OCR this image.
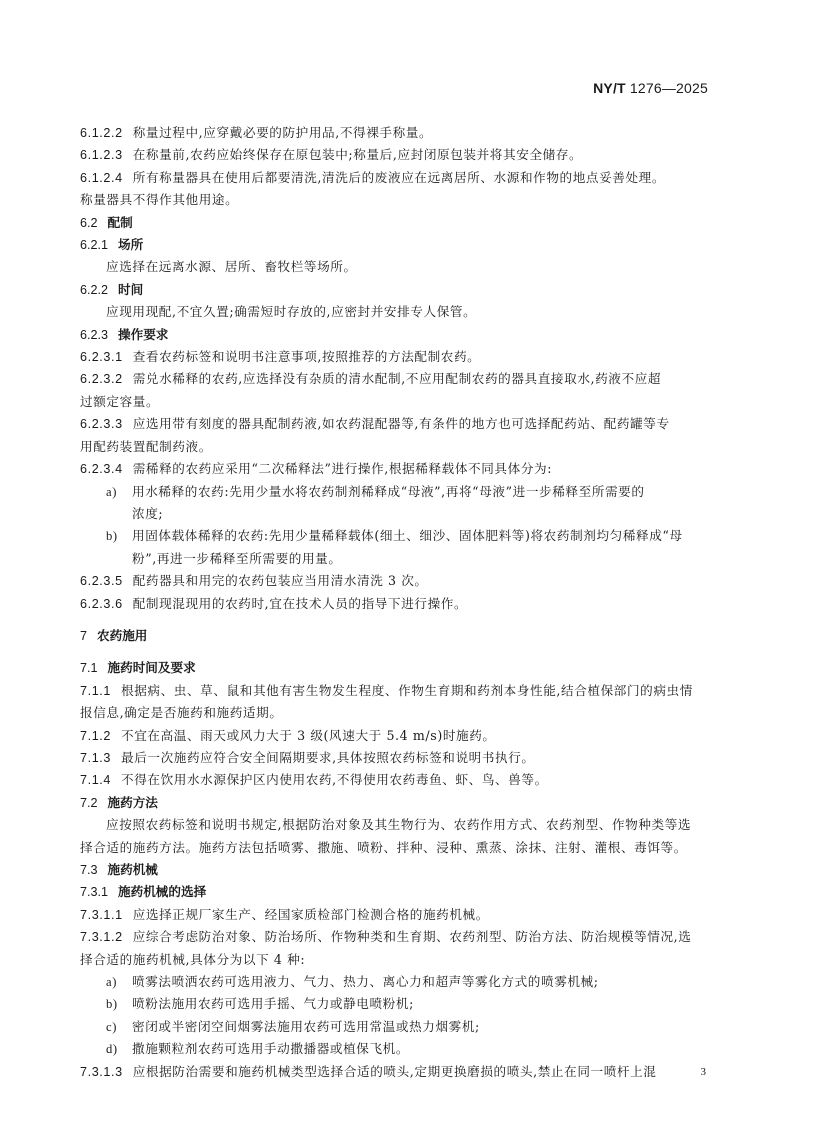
NY/T 1276—2025
6.1.2.2 称量过程中,应穿戴必要的防护用品,不得裸手称量。
6.1.2.3 在称量前,农药应始终保存在原包装中;称量后,应封闭原包装并将其安全储存。
6.1.2.4 所有称量器具在使用后都要清洗,清洗后的废液应在远离居所、水源和作物的地点妥善处理。
称量器具不得作其他用途。
6.2 配制
6.2.1 场所
应选择在远离水源、居所、畜牧栏等场所。
6.2.2 时间
应现用现配,不宜久置;确需短时存放的,应密封并安排专人保管。
6.2.3 操作要求
6.2.3.1 查看农药标签和说明书注意事项,按照推荐的方法配制农药。
6.2.3.2 需兑水稀释的农药,应选择没有杂质的清水配制,不应用配制农药的器具直接取水,药液不应超
过额定容量。
6.2.3.3 应选用带有刻度的器具配制药液,如农药混配器等,有条件的地方也可选择配药站、配药罐等专
用配药装置配制药液。
6.2.3.4 需稀释的农药应采用“二次稀释法”进行操作,根据稀释载体不同具体分为:
a) 用水稀释的农药:先用少量水将农药制剂稀释成“母液”,再将“母液”进一步稀释至所需要的
浓度;
b) 用固体载体稀释的农药:先用少量稀释载体(细土、细沙、固体肥料等)将农药制剂均匀稀释成“母
粉”,再进一步稀释至所需要的用量。
6.2.3.5 配药器具和用完的农药包装应当用清水清洗 3 次。
6.2.3.6 配制现混现用的农药时,宜在技术人员的指导下进行操作。
7 农药施用
7.1 施药时间及要求
7.1.1 根据病、虫、草、鼠和其他有害生物发生程度、作物生育期和药剂本身性能,结合植保部门的病虫情
报信息,确定是否施药和施药适期。
7.1.2 不宜在高温、雨天或风力大于 3 级(风速大于 5.4 m/s)时施药。
7.1.3 最后一次施药应符合安全间隔期要求,具体按照农药标签和说明书执行。
7.1.4 不得在饮用水水源保护区内使用农药,不得使用农药毒鱼、虾、鸟、兽等。
7.2 施药方法
应按照农药标签和说明书规定,根据防治对象及其生物行为、农药作用方式、农药剂型、作物种类等选
择合适的施药方法。施药方法包括喷雾、撒施、喷粉、拌种、浸种、熏蒸、涂抹、注射、灌根、毒饵等。
7.3 施药机械
7.3.1 施药机械的选择
7.3.1.1 应选择正规厂家生产、经国家质检部门检测合格的施药机械。
7.3.1.2 应综合考虑防治对象、防治场所、作物种类和生育期、农药剂型、防治方法、防治规模等情况,选
择合适的施药机械,具体分为以下 4 种:
a) 喷雾法喷洒农药可选用液力、气力、热力、离心力和超声等雾化方式的喷雾机械;
b) 喷粉法施用农药可选用手摇、气力或静电喷粉机;
c) 密闭或半密闭空间烟雾法施用农药可选用常温或热力烟雾机;
d) 撒施颗粒剂农药可选用手动撒播器或植保飞机。
7.3.1.3 应根据防治需要和施药机械类型选择合适的喷头,定期更换磨损的喷头,禁止在同一喷杆上混	3
